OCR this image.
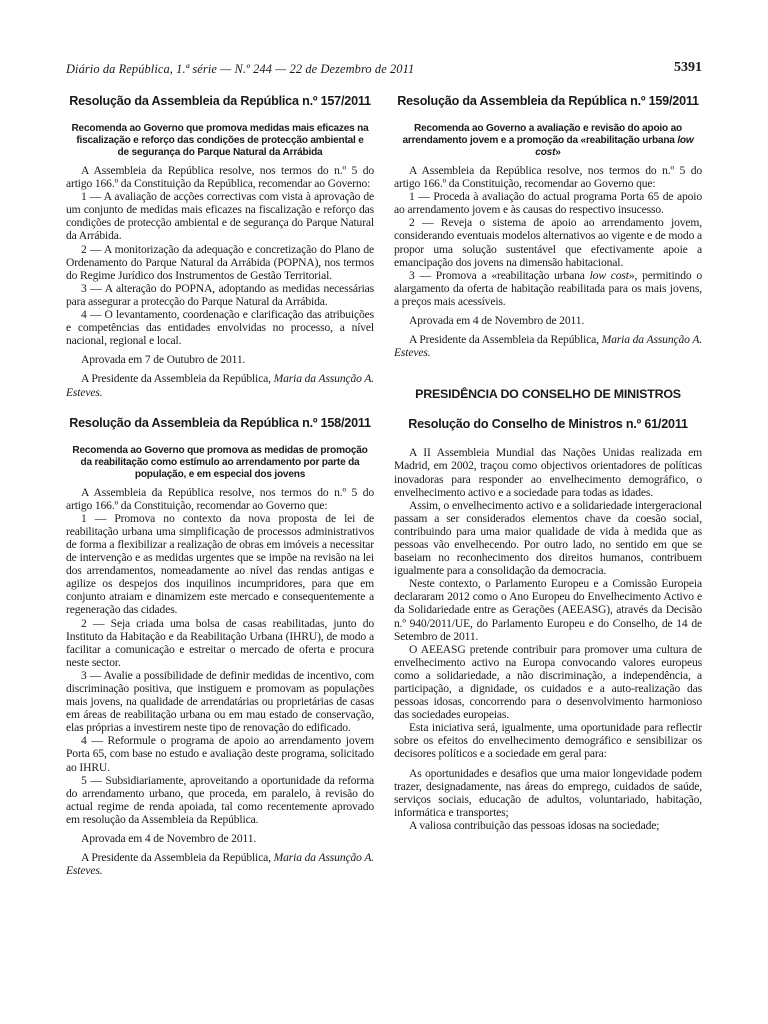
Diário da República, 1.ª série — N.º 244 — 22 de Dezembro de 2011	5391
Resolução da Assembleia da República n.º 157/2011

Recomenda ao Governo que promova medidas mais eficazes na fiscalização e reforço das condições de protecção ambiental e de segurança do Parque Natural da Arrábida

A Assembleia da República resolve, nos termos do n.º 5 do artigo 166.º da Constituição da República, recomendar ao Governo:

1 — A avaliação de acções correctivas com vista à aprovação de um conjunto de medidas mais eficazes na fiscalização e reforço das condições de protecção ambiental e de segurança do Parque Natural da Arrábida.

2 — A monitorização da adequação e concretização do Plano de Ordenamento do Parque Natural da Arrábida (POPNA), nos termos do Regime Jurídico dos Instrumentos de Gestão Territorial.

3 — A alteração do POPNA, adoptando as medidas necessárias para assegurar a protecção do Parque Natural da Arrábida.

4 — O levantamento, coordenação e clarificação das atribuições e competências das entidades envolvidas no processo, a nível nacional, regional e local.

Aprovada em 7 de Outubro de 2011.

A Presidente da Assembleia da República, Maria da Assunção A. Esteves.

Resolução da Assembleia da República n.º 158/2011

Recomenda ao Governo que promova as medidas de promoção da reabilitação como estímulo ao arrendamento por parte da população, e em especial dos jovens

A Assembleia da República resolve, nos termos do n.º 5 do artigo 166.º da Constituição, recomendar ao Governo que:

1 — Promova no contexto da nova proposta de lei de reabilitação urbana uma simplificação de processos administrativos de forma a flexibilizar a realização de obras em imóveis a necessitar de intervenção e as medidas urgentes que se impõe na revisão na lei dos arrendamentos, nomeadamente ao nível das rendas antigas e agilize os despejos dos inquilinos incumpridores, para que em conjunto atraiam e dinamizem este mercado e consequentemente a regeneração das cidades.

2 — Seja criada uma bolsa de casas reabilitadas, junto do Instituto da Habitação e da Reabilitação Urbana (IHRU), de modo a facilitar a comunicação e estreitar o mercado de oferta e procura neste sector.

3 — Avalie a possibilidade de definir medidas de incentivo, com discriminação positiva, que instiguem e promovam as populações mais jovens, na qualidade de arrendatárias ou proprietárias de casas em áreas de reabilitação urbana ou em mau estado de conservação, elas próprias a investirem neste tipo de renovação do edificado.

4 — Reformule o programa de apoio ao arrendamento jovem Porta 65, com base no estudo e avaliação deste programa, solicitado ao IHRU.

5 — Subsidiariamente, aproveitando a oportunidade da reforma do arrendamento urbano, que proceda, em paralelo, à revisão do actual regime de renda apoiada, tal como recentemente aprovado em resolução da Assembleia da República.

Aprovada em 4 de Novembro de 2011.

A Presidente da Assembleia da República, Maria da Assunção A. Esteves.

Resolução da Assembleia da República n.º 159/2011

Recomenda ao Governo a avaliação e revisão do apoio ao arrendamento jovem e a promoção da «reabilitação urbana low cost»

A Assembleia da República resolve, nos termos do n.º 5 do artigo 166.º da Constituição, recomendar ao Governo que:

1 — Proceda à avaliação do actual programa Porta 65 de apoio ao arrendamento jovem e às causas do respectivo insucesso.

2 — Reveja o sistema de apoio ao arrendamento jovem, considerando eventuais modelos alternativos ao vigente e de modo a propor uma solução sustentável que efectivamente apoie a emancipação dos jovens na dimensão habitacional.

3 — Promova a «reabilitação urbana low cost», permitindo o alargamento da oferta de habitação reabilitada para os mais jovens, a preços mais acessíveis.

Aprovada em 4 de Novembro de 2011.

A Presidente da Assembleia da República, Maria da Assunção A. Esteves.

PRESIDÊNCIA DO CONSELHO DE MINISTROS
Resolução do Conselho de Ministros n.º 61/2011

A II Assembleia Mundial das Nações Unidas realizada em Madrid, em 2002, traçou como objectivos orientadores de políticas inovadoras para responder ao envelhecimento demográfico, o envelhecimento activo e a sociedade para todas as idades.

Assim, o envelhecimento activo e a solidariedade intergeracional passam a ser considerados elementos chave da coesão social, contribuindo para uma maior qualidade de vida à medida que as pessoas vão envelhecendo. Por outro lado, no sentido em que se baseiam no reconhecimento dos direitos humanos, contribuem igualmente para a consolidação da democracia.

Neste contexto, o Parlamento Europeu e a Comissão Europeia declararam 2012 como o Ano Europeu do Envelhecimento Activo e da Solidariedade entre as Gerações (AEEASG), através da Decisão n.º 940/2011/UE, do Parlamento Europeu e do Conselho, de 14 de Setembro de 2011.

O AEEASG pretende contribuir para promover uma cultura de envelhecimento activo na Europa convocando valores europeus como a solidariedade, a não discriminação, a independência, a participação, a dignidade, os cuidados e a auto-realização das pessoas idosas, concorrendo para o desenvolvimento harmonioso das sociedades europeias.

Esta iniciativa será, igualmente, uma oportunidade para reflectir sobre os efeitos do envelhecimento demográfico e sensibilizar os decisores políticos e a sociedade em geral para:

As oportunidades e desafios que uma maior longevidade podem trazer, designadamente, nas áreas do emprego, cuidados de saúde, serviços sociais, educação de adultos, voluntariado, habitação, informática e transportes;

A valiosa contribuição das pessoas idosas na sociedade;
